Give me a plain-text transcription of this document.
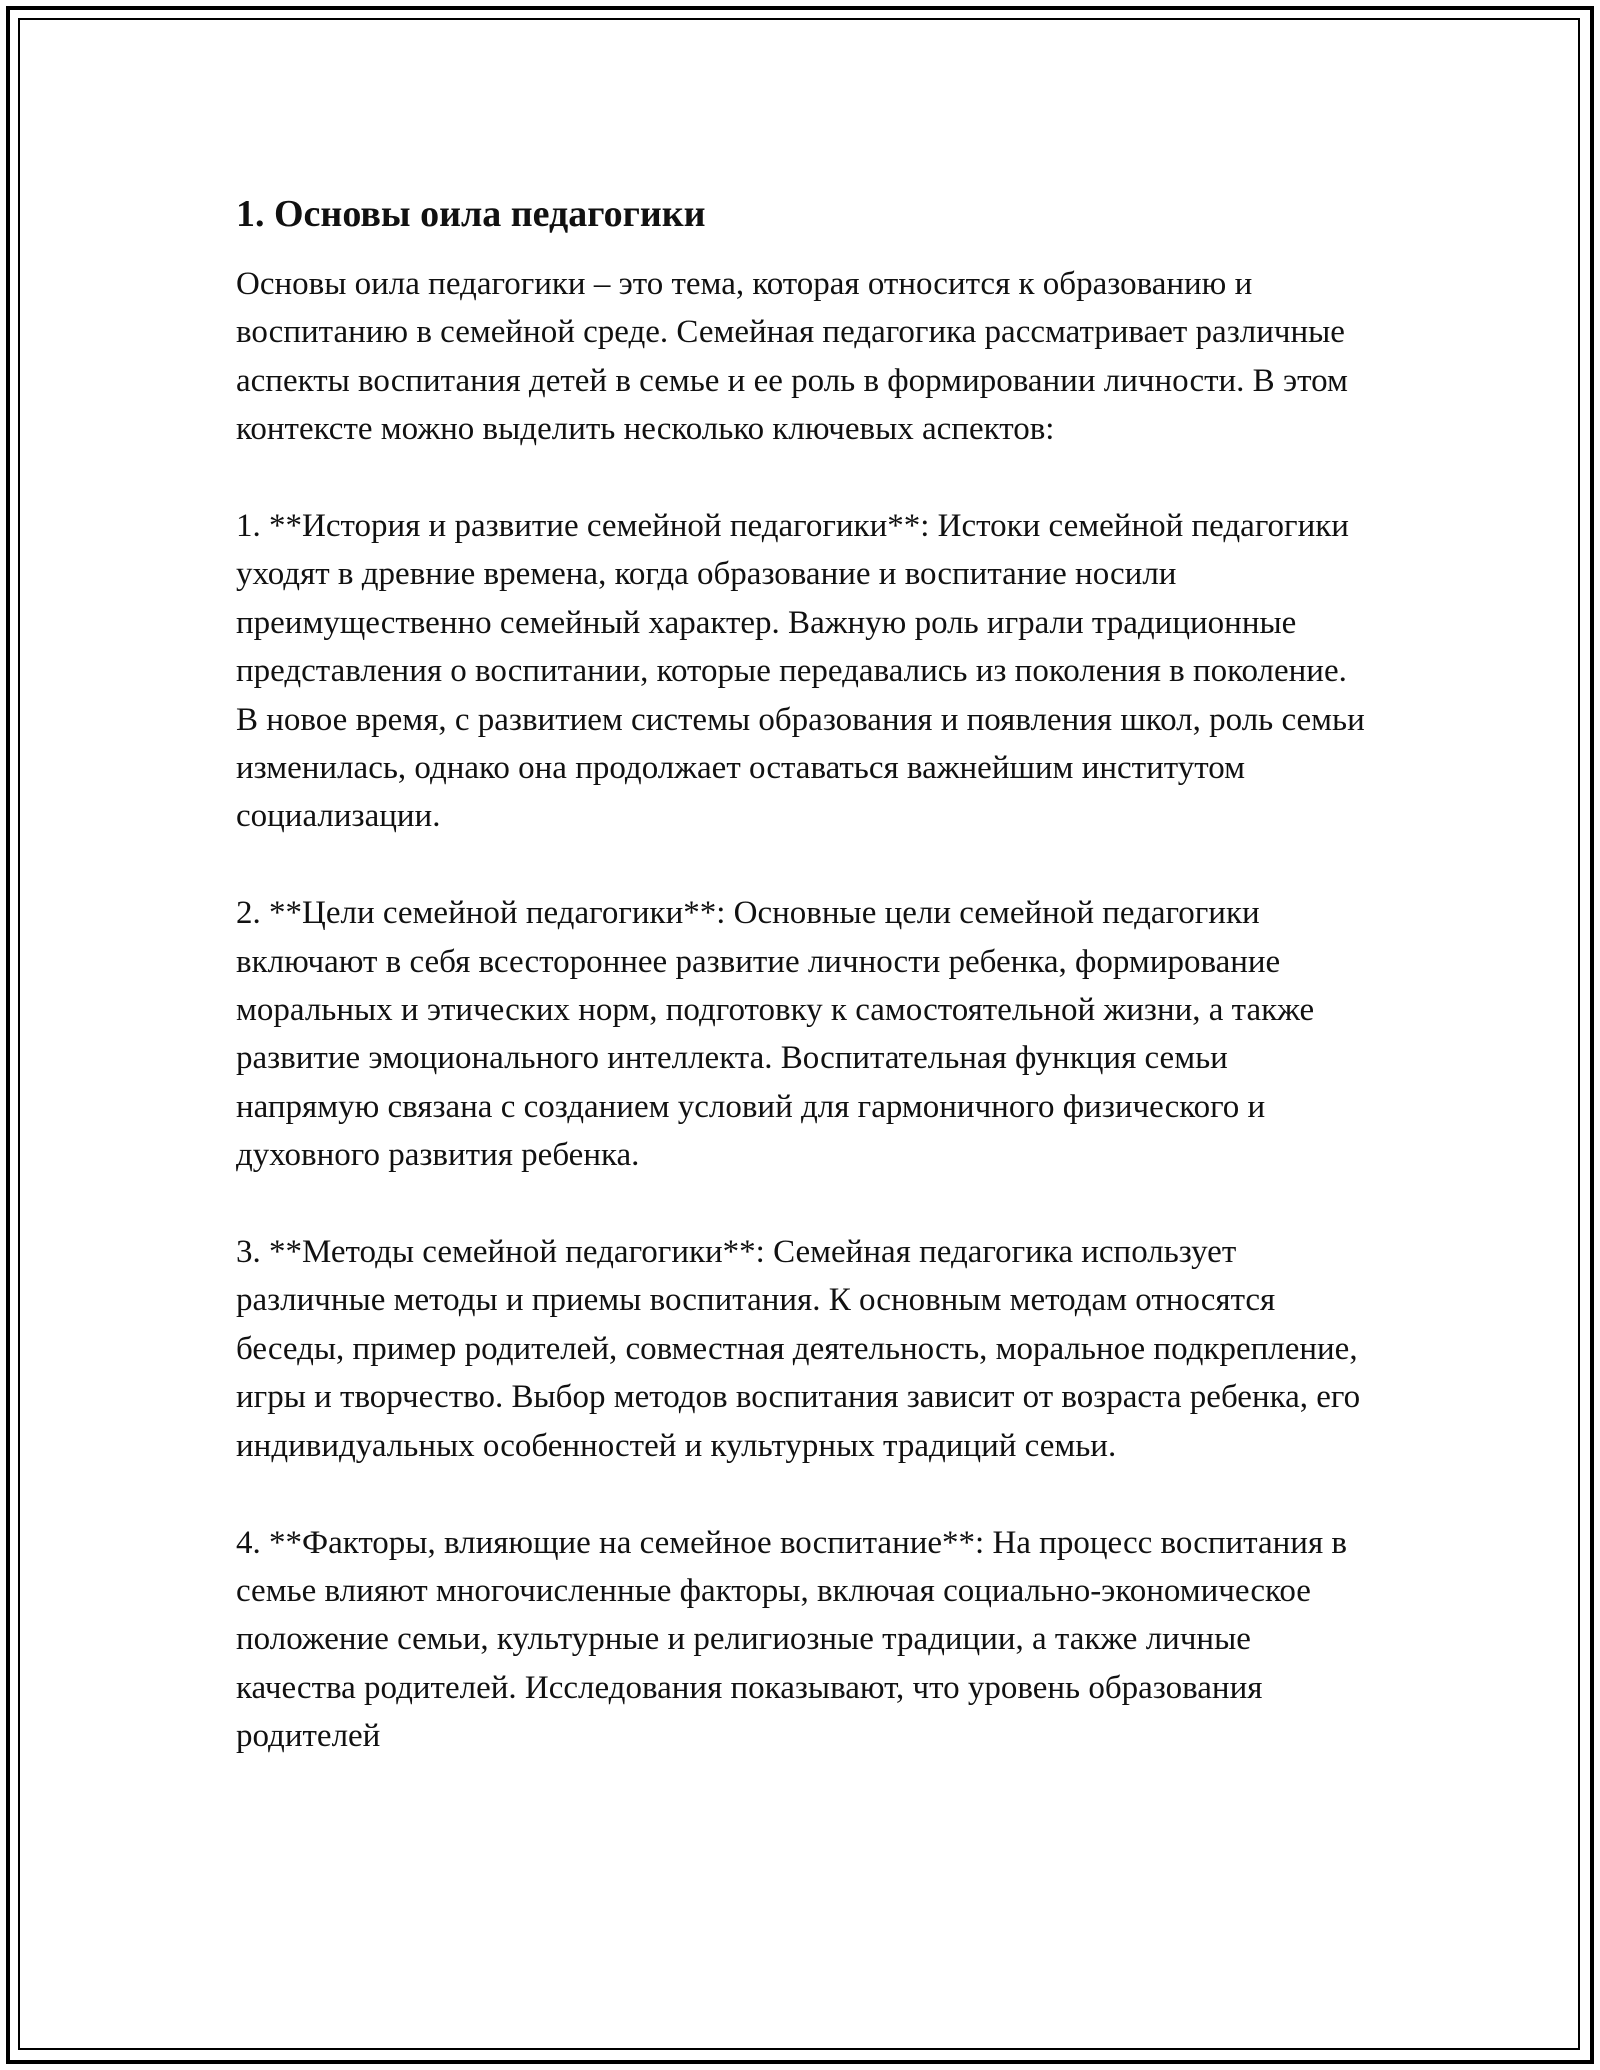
1. Основы оила педагогики

Основы оила педагогики – это тема, которая относится к образованию и воспитанию в семейной среде. Семейная педагогика рассматривает различные аспекты воспитания детей в семье и ее роль в формировании личности. В этом контексте можно выделить несколько ключевых аспектов:

1. **История и развитие семейной педагогики**: Истоки семейной педагогики уходят в древние времена, когда образование и воспитание носили преимущественно семейный характер. Важную роль играли традиционные представления о воспитании, которые передавались из поколения в поколение. В новое время, с развитием системы образования и появления школ, роль семьи изменилась, однако она продолжает оставаться важнейшим институтом социализации.

2. **Цели семейной педагогики**: Основные цели семейной педагогики включают в себя всестороннее развитие личности ребенка, формирование моральных и этических норм, подготовку к самостоятельной жизни, а также развитие эмоционального интеллекта. Воспитательная функция семьи напрямую связана с созданием условий для гармоничного физического и духовного развития ребенка.

3. **Методы семейной педагогики**: Семейная педагогика использует различные методы и приемы воспитания. К основным методам относятся беседы, пример родителей, совместная деятельность, моральное подкрепление, игры и творчество. Выбор методов воспитания зависит от возраста ребенка, его индивидуальных особенностей и культурных традиций семьи.

4. **Факторы, влияющие на семейное воспитание**: На процесс воспитания в семье влияют многочисленные факторы, включая социально-экономическое положение семьи, культурные и религиозные традиции, а также личные качества родителей. Исследования показывают, что уровень образования родителей
